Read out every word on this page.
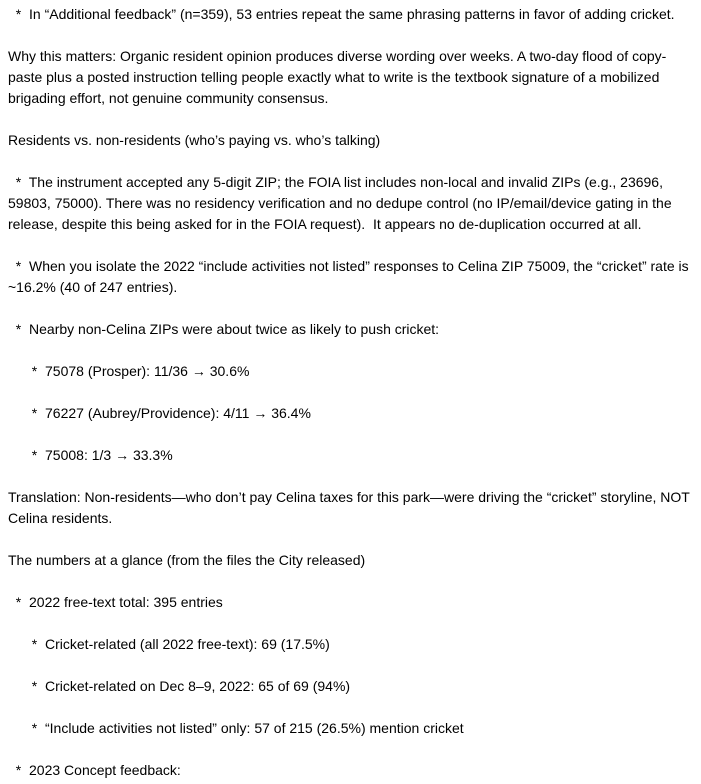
*  In “Additional feedback” (n=359), 53 entries repeat the same phrasing patterns in favor of adding cricket.
Why this matters: Organic resident opinion produces diverse wording over weeks. A two-day flood of copy-paste plus a posted instruction telling people exactly what to write is the textbook signature of a mobilized brigading effort, not genuine community consensus.
Residents vs. non-residents (who’s paying vs. who’s talking)
*  The instrument accepted any 5-digit ZIP; the FOIA list includes non-local and invalid ZIPs (e.g., 23696, 59803, 75000). There was no residency verification and no dedupe control (no IP/email/device gating in the release, despite this being asked for in the FOIA request).  It appears no de-duplication occurred at all.
*  When you isolate the 2022 “include activities not listed” responses to Celina ZIP 75009, the “cricket” rate is ~16.2% (40 of 247 entries).
*  Nearby non-Celina ZIPs were about twice as likely to push cricket:
*  75078 (Prosper): 11/36 → 30.6%
*  76227 (Aubrey/Providence): 4/11 → 36.4%
*  75008: 1/3 → 33.3%
Translation: Non-residents—who don’t pay Celina taxes for this park—were driving the “cricket” storyline, NOT Celina residents.
The numbers at a glance (from the files the City released)
*  2022 free-text total: 395 entries
*  Cricket-related (all 2022 free-text): 69 (17.5%)
*  Cricket-related on Dec 8–9, 2022: 65 of 69 (94%)
*  “Include activities not listed” only: 57 of 215 (26.5%) mention cricket
*  2023 Concept feedback:
